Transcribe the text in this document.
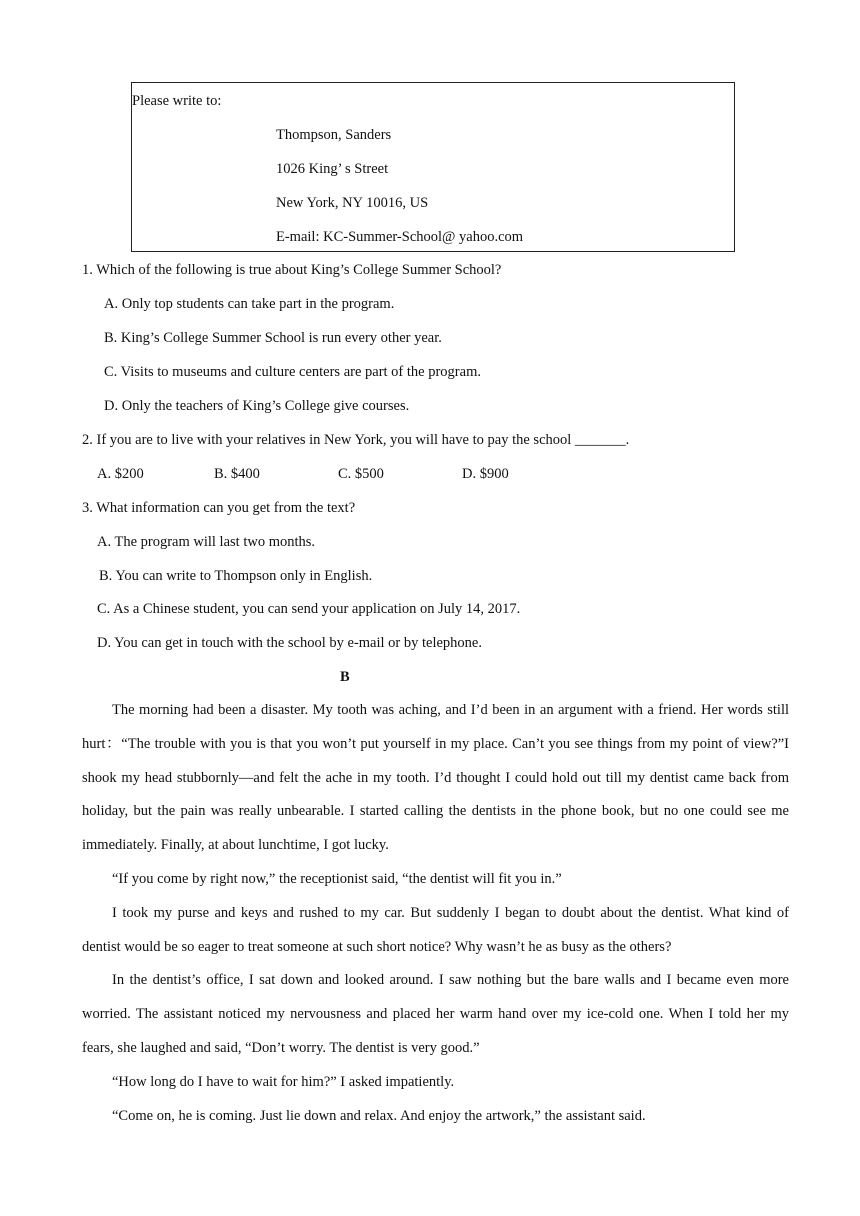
Please write to:
Thompson, Sanders
1026 King’ s Street
New York, NY 10016, US
E-mail: KC-Summer-School@ yahoo.com
1. Which of the following is true about King’s College Summer School?
A. Only top students can take part in the program.
B. King’s College Summer School is run every other year.
C. Visits to museums and culture centers are part of the program.
D. Only the teachers of King’s College give courses.
2. If you are to live with your relatives in New York, you will have to pay the school _______.
A. $200	B. $400	C. $500	D. $900
3. What information can you get from the text?
A. The program will last two months.
B. You can write to Thompson only in English.
C. As a Chinese student, you can send your application on July 14, 2017.
D. You can get in touch with the school by e-mail or by telephone.
B

The morning had been a disaster. My tooth was aching, and I’d been in an argument with a friend. Her words still hurt：“The trouble with you is that you won’t put yourself in my place. Can’t you see things from my point of view?”I shook my head stubbornly—and felt the ache in my tooth. I’d thought I could hold out till my dentist came back from holiday, but the pain was really unbearable. I started calling the dentists in the phone book, but no one could see me immediately. Finally, at about lunchtime, I got lucky.

“If you come by right now,” the receptionist said, “the dentist will fit you in.”

I took my purse and keys and rushed to my car. But suddenly I began to doubt about the dentist. What kind of dentist would be so eager to treat someone at such short notice? Why wasn’t he as busy as the others?

In the dentist’s office, I sat down and looked around. I saw nothing but the bare walls and I became even more worried. The assistant noticed my nervousness and placed her warm hand over my ice-cold one. When I told her my fears, she laughed and said, “Don’t worry. The dentist is very good.”

“How long do I have to wait for him?” I asked impatiently.

“Come on, he is coming. Just lie down and relax. And enjoy the artwork,” the assistant said.
